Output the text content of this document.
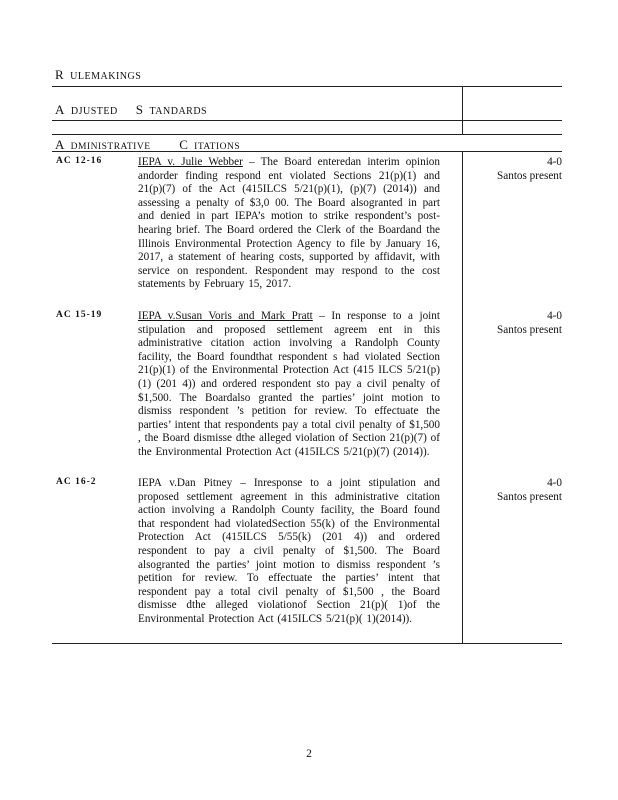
R ULEMAKINGS
A DJUSTED S TANDARDS
A DMINISTRATIVE C ITATIONS
AC 12-16	IEPA v. Julie Webber – The Board enteredan interim opinion andorder finding respond ent violated Sections 21(p)(1) and 21(p)(7) of the Act (415ILCS 5/21(p)(1), (p)(7) (2014)) and assessing a penalty of $3,0 00. The Board alsogranted in part and denied in part IEPA’s motion to strike respondent’s post-hearing brief. The Board ordered the Clerk of the Boardand the Illinois Environmental Protection Agency to file by January 16, 2017, a statement of hearing costs, supported by affidavit, with service on respondent. Respondent may respond to the cost statements by February 15, 2017.
4-0
Santos present
AC 15-19	IEPA v.Susan Voris and Mark Pratt – In response to a joint stipulation and proposed settlement agreem ent in this administrative citation action involving a Randolph County facility, the Board foundthat respondent s had violated Section 21(p)(1) of the Environmental Protection Act (415 ILCS 5/21(p)(1) (201 4)) and ordered respondent sto pay a civil penalty of $1,500. The Boardalso granted the parties’ joint motion to dismiss respondent ’s petition for review. To effectuate the parties’ intent that respondents pay a total civil penalty of $1,500 , the Board dismisse dthe alleged violation of Section 21(p)(7) of the Environmental Protection Act (415ILCS 5/21(p)(7) (2014)).
4-0
Santos present
AC 16-2	IEPA v.Dan Pitney – Inresponse to a joint stipulation and proposed settlement agreement in this administrative citation action involving a Randolph County facility, the Board found that respondent had violatedSection 55(k) of the Environmental Protection Act (415ILCS 5/55(k) (201 4)) and ordered respondent to pay a civil penalty of $1,500. The Board alsogranted the parties’ joint motion to dismiss respondent ’s petition for review. To effectuate the parties’ intent that respondent pay a total civil penalty of $1,500 , the Board dismisse dthe alleged violationof Section 21(p)( 1)of the Environmental Protection Act (415ILCS 5/21(p)( 1)(2014)).
4-0
Santos present
2
